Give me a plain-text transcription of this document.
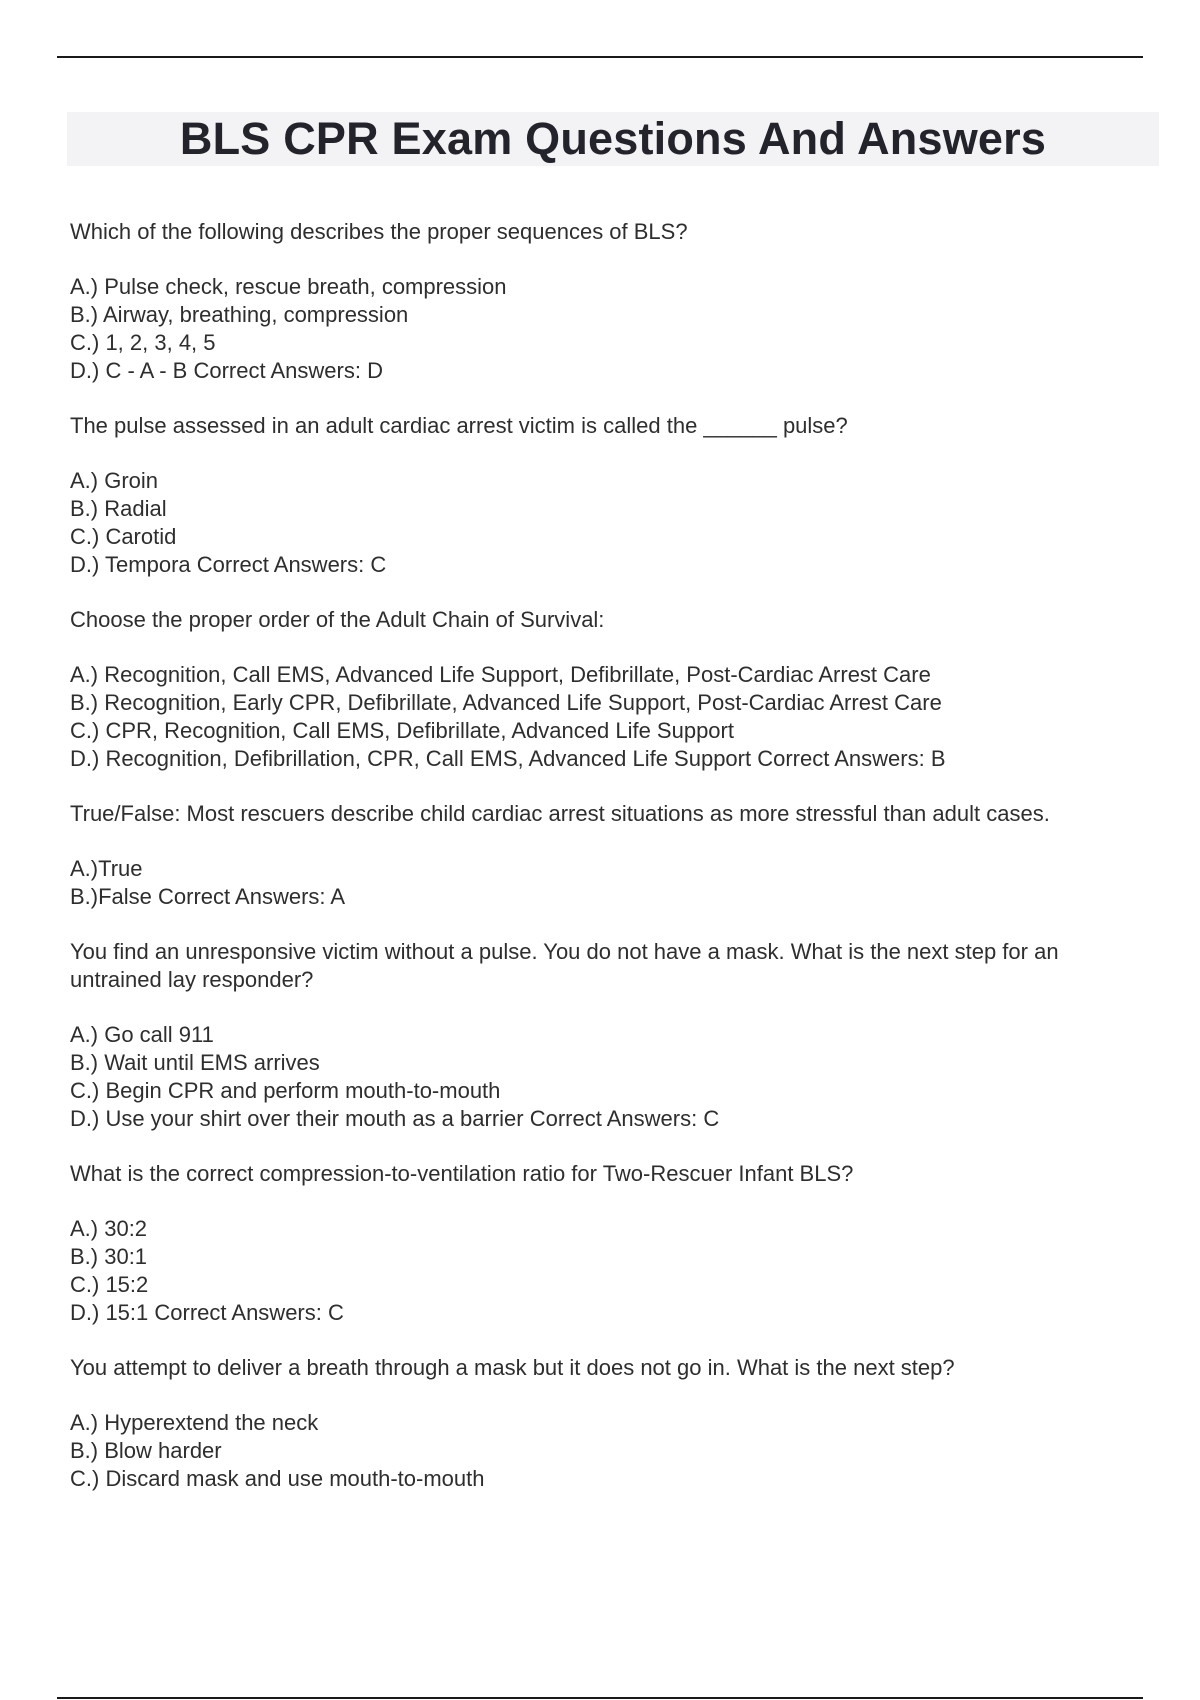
BLS CPR Exam Questions And Answers

Which of the following describes the proper sequences of BLS?

A.) Pulse check, rescue breath, compression
B.) Airway, breathing, compression
C.) 1, 2, 3, 4, 5
D.) C - A - B Correct Answers: D

The pulse assessed in an adult cardiac arrest victim is called the ______ pulse?

A.) Groin
B.) Radial
C.) Carotid
D.) Tempora Correct Answers: C

Choose the proper order of the Adult Chain of Survival:

A.) Recognition, Call EMS, Advanced Life Support, Defibrillate, Post-Cardiac Arrest Care
B.) Recognition, Early CPR, Defibrillate, Advanced Life Support, Post-Cardiac Arrest Care
C.) CPR, Recognition, Call EMS, Defibrillate, Advanced Life Support
D.) Recognition, Defibrillation, CPR, Call EMS, Advanced Life Support Correct Answers: B

True/False: Most rescuers describe child cardiac arrest situations as more stressful than adult cases.

A.)True
B.)False Correct Answers: A

You find an unresponsive victim without a pulse. You do not have a mask. What is the next step for an untrained lay responder?

A.) Go call 911
B.) Wait until EMS arrives
C.) Begin CPR and perform mouth-to-mouth
D.) Use your shirt over their mouth as a barrier Correct Answers: C

What is the correct compression-to-ventilation ratio for Two-Rescuer Infant BLS?

A.) 30:2
B.) 30:1
C.) 15:2
D.) 15:1 Correct Answers: C

You attempt to deliver a breath through a mask but it does not go in. What is the next step?

A.) Hyperextend the neck
B.) Blow harder
C.) Discard mask and use mouth-to-mouth
